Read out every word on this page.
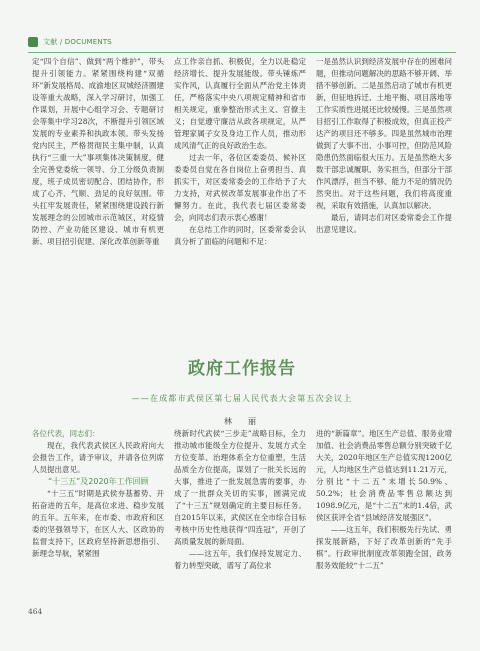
文献 / DOCUMENTS

定“四个自信”、做到“两个维护”，带头提升引领能力。紧紧围绕构建“双循环”新发展格局、成渝地区双城经济圈建设等重大战略，深入学习研讨，加强工作谋划，开展中心组学习会、专题研讨会等集中学习28次，不断提升引领区域发展的专业素养和执政本领。带头发扬党内民主，严格贯彻民主集中制，认真执行“三重一大”事项集体决策制度，健全完善党委统一领导、分工分级负责制度，班子成员密切配合、团结协作，形成了心齐、气顺、劲足的良好氛围。带头扛牢发展责任，紧紧围绕建设践行新发展理念的公园城市示范城区，对疫情防控、产业功能区建设、城市有机更新、项目招引促建、深化改革创新等重

点工作亲自抓、积极促，全力以赴稳定经济增长、提升发展能级。带头锤炼严实作风，认真履行全面从严治党主体责任，严格落实中央八项规定精神和省市相关规定，重拳整治形式主义、官僚主义；自觉遵守廉洁从政各项规定，从严管理家属子女及身边工作人员，推动形成风清气正的良好政治生态。

过去一年，各位区委委员、候补区委委员自觉在各自岗位上奋勇担当、真抓实干，对区委常委会的工作给予了大力支持，对武侯改革发展事业作出了不懈努力。在此，我代表七届区委常委会，向同志们表示衷心感谢！

在总结工作的同时，区委常委会认真分析了面临的问题和不足：

一是虽然认识到经济发展中存在的困难问题，但推动问题解决的思路不够开阔、举措不够创新。二是虽然启动了城市有机更新，但征地拆迁、土地平衡、项目落地等工作实质性进展还比较缓慢。三是虽然项目招引工作取得了积极成效，但真正投产达产的项目还不够多。四是虽然城市治理做到了大事不出、小事可控，但防范风险隐患仍然面临很大压力。五是虽然绝大多数干部忠诚履职、务实担当，但部分干部作风漂浮，担当不够、能力不足的情况仍然突出。对于这些问题，我们将高度重视，采取有效措施，认真加以解决。

最后，请同志们对区委常委会工作提出意见建议。

政府工作报告
——在成都市武侯区第七届人民代表大会第五次会议上
林　丽

各位代表，同志们：

现在，我代表武侯区人民政府向大会报告工作，请予审议，并请各位列席人员提出意见。

“十三五”及2020年工作回顾

“十三五”时期是武侯夯基蓄势、开拓奋进的五年，是高位求进、稳步发展的五年。五年来，在市委、市政府和区委的坚强领导下，在区人大、区政协的监督支持下，区政府坚持新思想指引、新理念导航，紧紧围

绕新时代武侯“三步走”战略目标，全力推动城市能级全方位提升、发展方式全方位变革、治理体系全方位重塑，生活品质全方位提高，谋划了一批关长远的大事，推进了一批发展急需的要事，办成了一批群众关切的实事，圆满完成了“十三五”规划确定的主要目标任务。自2015年以来，武侯区在全市综合目标考核中历史性地获得“四连冠”，开创了高质量发展的新局面。

——这五年，我们保持发展定力、着力转型突破，谱写了高位求

进的“新篇章”。地区生产总值、服务业增加值、社会消费品零售总额分别突破千亿大关，2020年地区生产总值实现1200亿元，人均地区生产总值达到11.21万元，分别比“十二五”末增长50.9%、50.2%；社会消费品零售总额达到1098.9亿元，是“十二五”末的1.4倍，武侯区获评全省“县域经济发展强区”。

——这五年，我们积极先行先试、勇探发展新路，下好了改革创新的“先手棋”。行政审批制度改革领跑全国，政务服务效能较“十二五”

464
